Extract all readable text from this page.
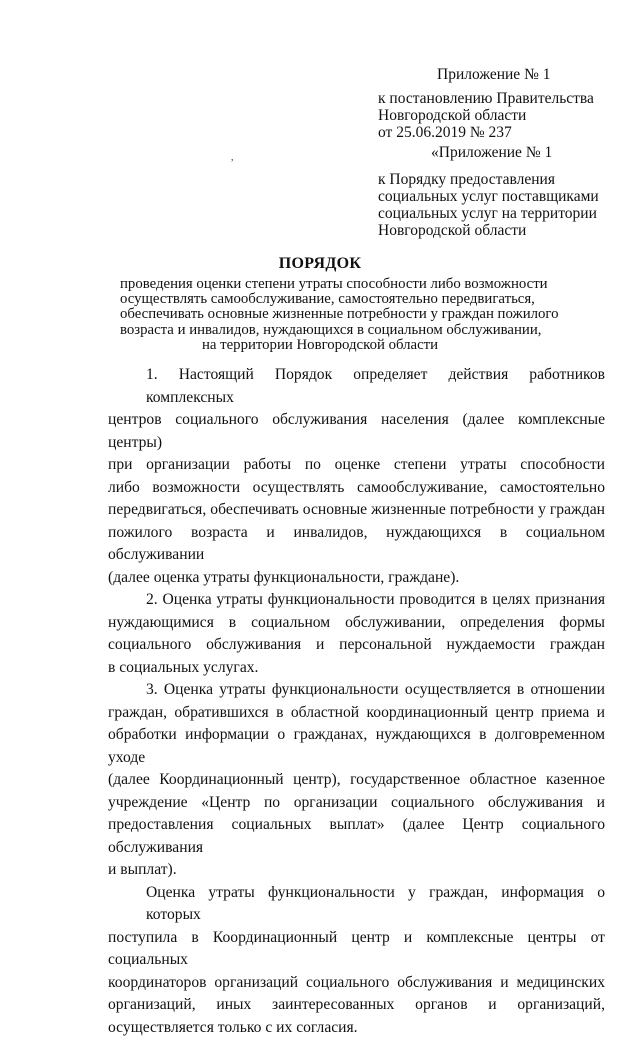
Приложение № 1
к постановлению Правительства
Новгородской области
от 25.06.2019 № 237
«Приложение № 1
,
к Порядку предоставления
социальных услуг поставщиками
социальных услуг на территории
Новгородской области
ПОРЯДОК
проведения оценки степени утраты способности либо возможности
осуществлять самообслуживание, самостоятельно передвигаться,
обеспечивать основные жизненные потребности у граждан пожилого
возраста и инвалидов, нуждающихся в социальном обслуживании,
на территории Новгородской области
1. Настоящий Порядок определяет действия работников комплексных
центров социального обслуживания населения (далее комплексные центры)
при организации работы по оценке степени утраты способности
либо возможности осуществлять самообслуживание, самостоятельно
передвигаться, обеспечивать основные жизненные потребности у граждан
пожилого возраста и инвалидов, нуждающихся в социальном обслуживании
(далее оценка утраты функциональности, граждане).
2. Оценка утраты функциональности проводится в целях признания
нуждающимися в социальном обслуживании, определения формы
социального обслуживания и персональной нуждаемости граждан
в социальных услугах.
3. Оценка утраты функциональности осуществляется в отношении
граждан, обратившихся в областной координационный центр приема и
обработки информации о гражданах, нуждающихся в долговременном уходе
(далее Координационный центр), государственное областное казенное
учреждение «Центр по организации социального обслуживания и
предоставления социальных выплат» (далее Центр социального обслуживания
и выплат).
Оценка утраты функциональности у граждан, информация о которых
поступила в Координационный центр и комплексные центры от социальных
координаторов организаций социального обслуживания и медицинских
организаций, иных заинтересованных органов и организаций,
осуществляется только с их согласия.
